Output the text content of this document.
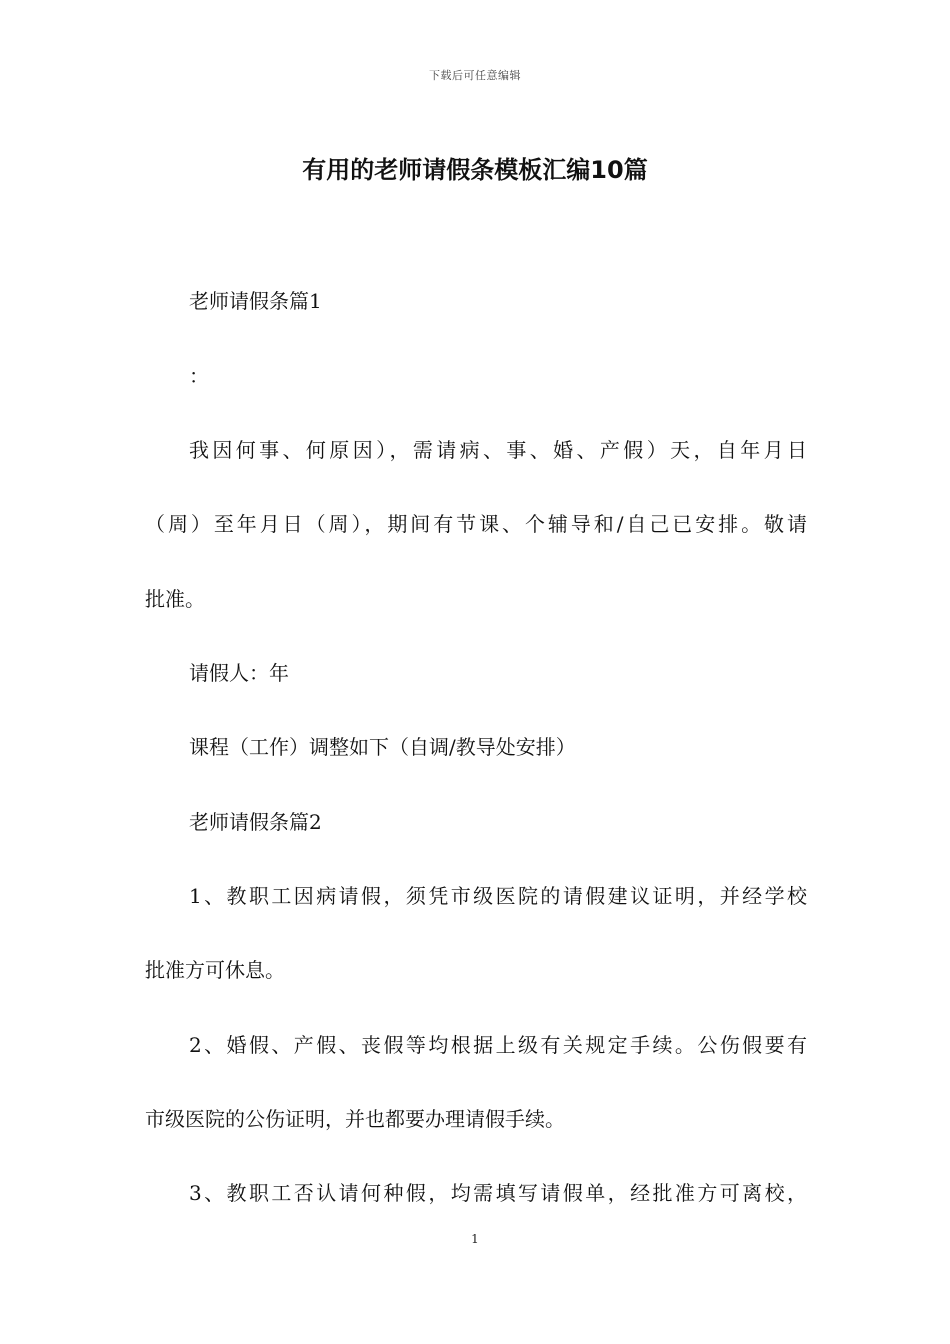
下载后可任意编辑
有用的老师请假条模板汇编10篇
老师请假条篇1
：
我因何事、何原因），需请病、事、婚、产假）天，自年月日
（周）至年月日（周），期间有节课、个辅导和/自己已安排。敬请
批准。
请假人：年
课程（工作）调整如下（自调/教导处安排）
老师请假条篇2
1、教职工因病请假，须凭市级医院的请假建议证明，并经学校
批准方可休息。
2、婚假、产假、丧假等均根据上级有关规定手续。公伤假要有
市级医院的公伤证明，并也都要办理请假手续。
3、教职工否认请何种假，均需填写请假单，经批准方可离校，
1
